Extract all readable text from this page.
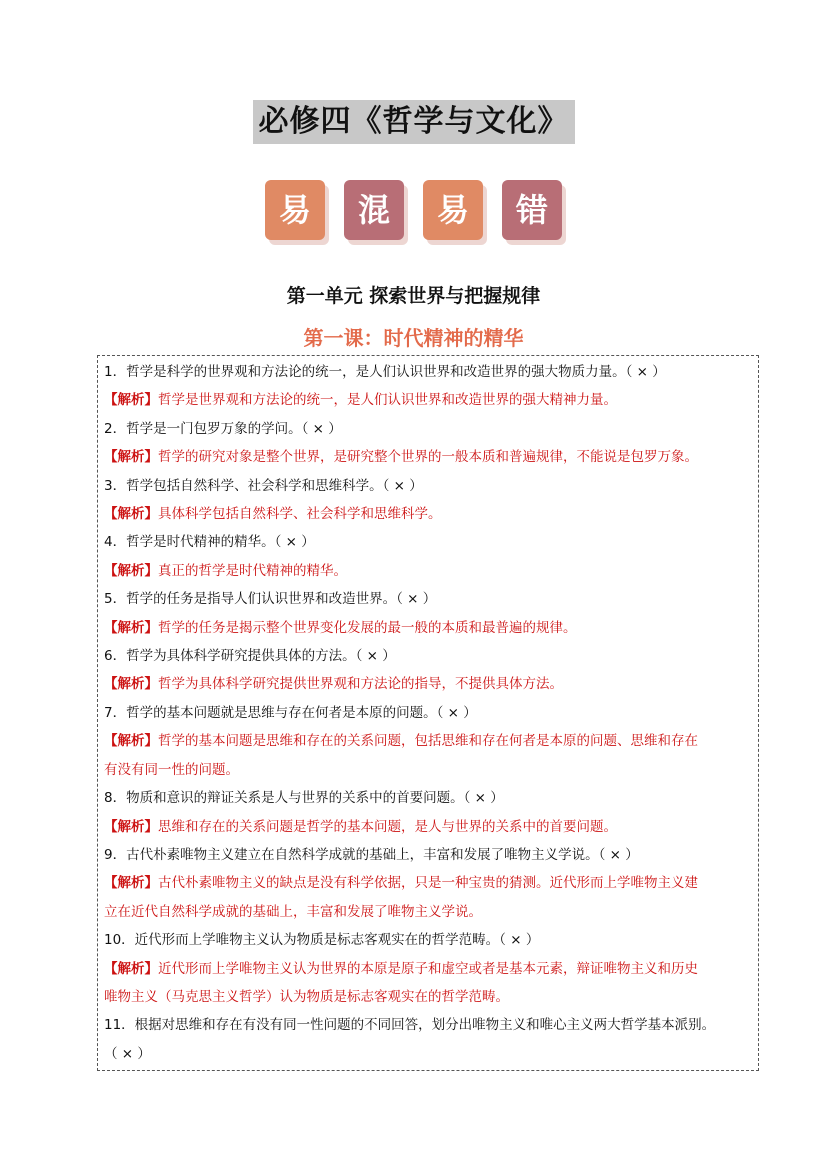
必修四《哲学与文化》
易	混	易	错
第一单元 探索世界与把握规律
第一课：时代精神的精华

1．哲学是科学的世界观和方法论的统一，是人们认识世界和改造世界的强大物质力量。（ × ）

【解析】哲学是世界观和方法论的统一，是人们认识世界和改造世界的强大精神力量。

2．哲学是一门包罗万象的学问。（ × ）

【解析】哲学的研究对象是整个世界，是研究整个世界的一般本质和普遍规律，不能说是包罗万象。

3．哲学包括自然科学、社会科学和思维科学。（ × ）

【解析】具体科学包括自然科学、社会科学和思维科学。

4．哲学是时代精神的精华。（ × ）

【解析】真正的哲学是时代精神的精华。

5．哲学的任务是指导人们认识世界和改造世界。（ × ）

【解析】哲学的任务是揭示整个世界变化发展的最一般的本质和最普遍的规律。

6．哲学为具体科学研究提供具体的方法。（ × ）

【解析】哲学为具体科学研究提供世界观和方法论的指导，不提供具体方法。

7．哲学的基本问题就是思维与存在何者是本原的问题。（ × ）

【解析】哲学的基本问题是思维和存在的关系问题，包括思维和存在何者是本原的问题、思维和存在

有没有同一性的问题。

8．物质和意识的辩证关系是人与世界的关系中的首要问题。（ × ）

【解析】思维和存在的关系问题是哲学的基本问题，是人与世界的关系中的首要问题。

9．古代朴素唯物主义建立在自然科学成就的基础上，丰富和发展了唯物主义学说。（ × ）

【解析】古代朴素唯物主义的缺点是没有科学依据，只是一种宝贵的猜测。近代形而上学唯物主义建

立在近代自然科学成就的基础上，丰富和发展了唯物主义学说。

10．近代形而上学唯物主义认为物质是标志客观实在的哲学范畴。（ × ）

【解析】近代形而上学唯物主义认为世界的本原是原子和虚空或者是基本元素，辩证唯物主义和历史

唯物主义（马克思主义哲学）认为物质是标志客观实在的哲学范畴。

11．根据对思维和存在有没有同一性问题的不同回答，划分出唯物主义和唯心主义两大哲学基本派别。

（ × ）
